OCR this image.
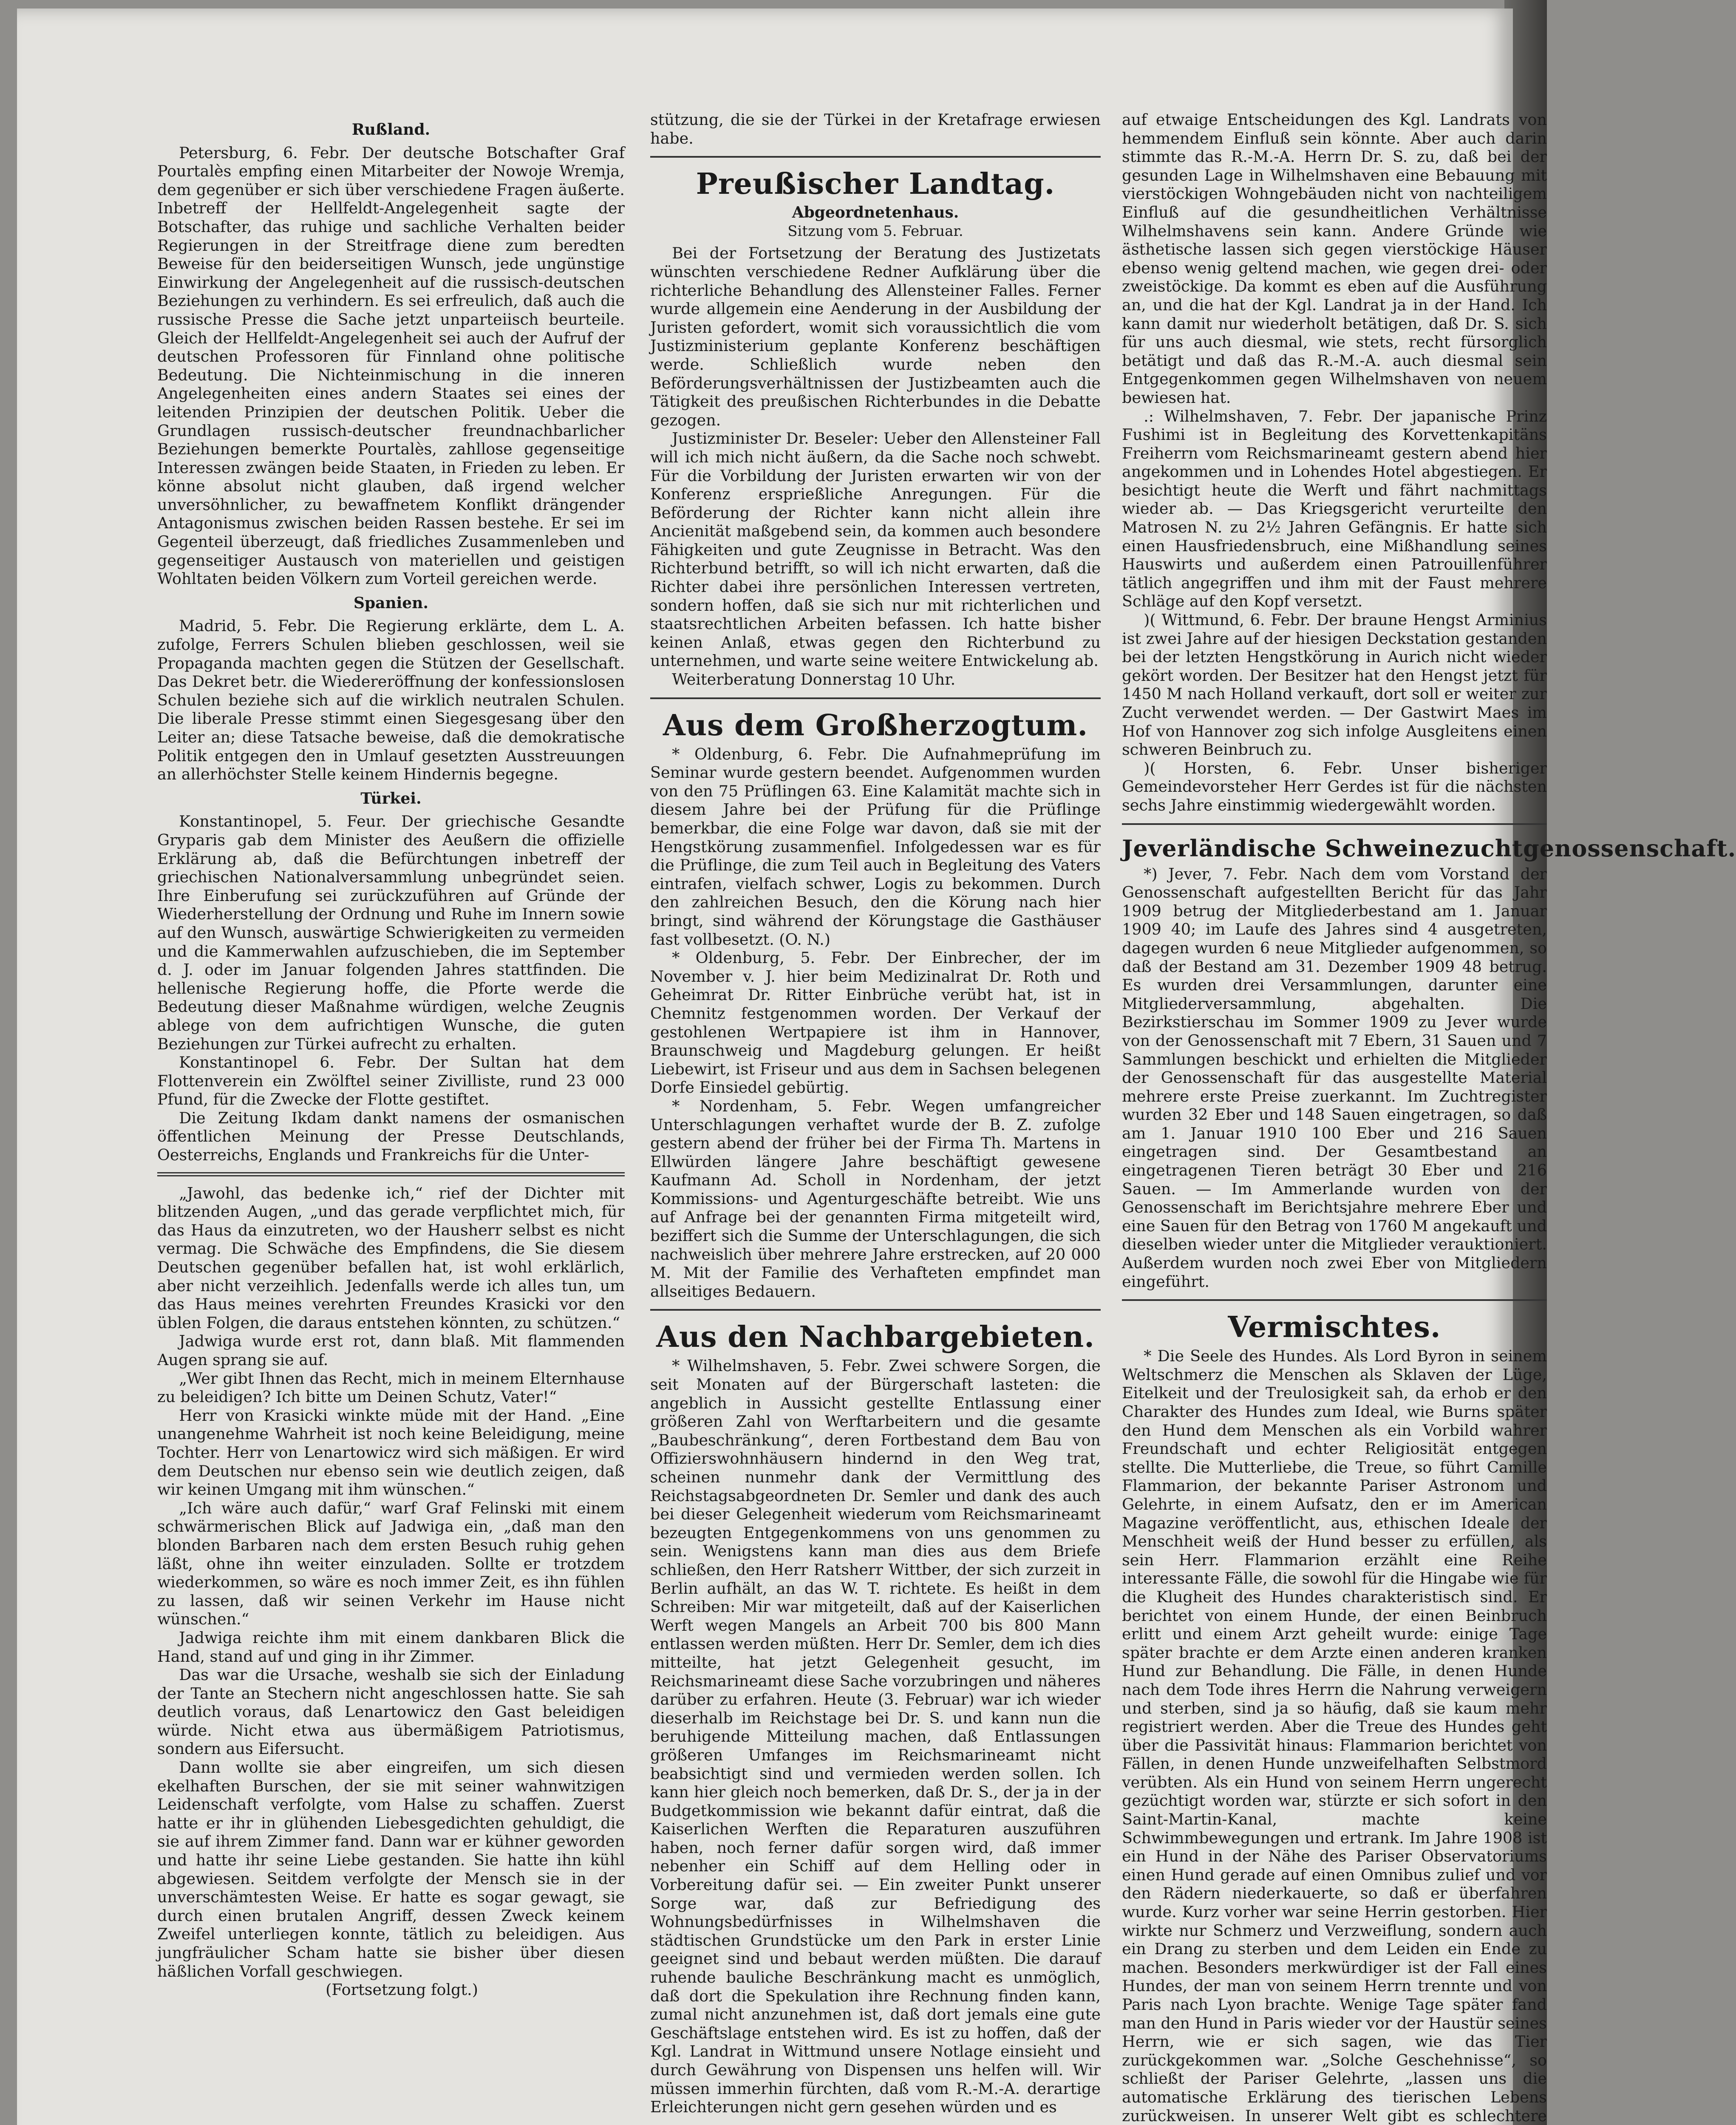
Rußland.

Petersburg, 6. Febr. Der deutsche Botschafter Graf Pourtalès empfing einen Mitarbeiter der Nowoje Wremja, dem gegenüber er sich über verschiedene Fragen äußerte. Inbetreff der Hellfeldt-Angelegenheit sagte der Botschafter, das ruhige und sachliche Verhalten beider Regierungen in der Streitfrage diene zum beredten Beweise für den beiderseitigen Wunsch, jede ungünstige Einwirkung der Angelegenheit auf die russisch-deutschen Beziehungen zu verhindern. Es sei erfreulich, daß auch die russische Presse die Sache jetzt unparteiisch beurteile. Gleich der Hellfeldt-Angelegenheit sei auch der Aufruf der deutschen Professoren für Finnland ohne politische Bedeutung. Die Nichteinmischung in die inneren Angelegenheiten eines andern Staates sei eines der leitenden Prinzipien der deutschen Politik. Ueber die Grundlagen russisch-deutscher freundnachbarlicher Beziehungen bemerkte Pourtalès, zahllose gegenseitige Interessen zwängen beide Staaten, in Frieden zu leben. Er könne absolut nicht glauben, daß irgend welcher unversöhnlicher, zu bewaffnetem Konflikt drängender Antagonismus zwischen beiden Rassen bestehe. Er sei im Gegenteil überzeugt, daß friedliches Zusammenleben und gegenseitiger Austausch von materiellen und geistigen Wohltaten beiden Völkern zum Vorteil gereichen werde.

Spanien.

Madrid, 5. Febr. Die Regierung erklärte, dem L. A. zufolge, Ferrers Schulen blieben geschlossen, weil sie Propaganda machten gegen die Stützen der Gesellschaft. Das Dekret betr. die Wiedereröffnung der konfessionslosen Schulen beziehe sich auf die wirklich neutralen Schulen. Die liberale Presse stimmt einen Siegesgesang über den Leiter an; diese Tatsache beweise, daß die demokratische Politik entgegen den in Umlauf gesetzten Ausstreuungen an allerhöchster Stelle keinem Hindernis begegne.

Türkei.

Konstantinopel, 5. Feur. Der griechische Gesandte Gryparis gab dem Minister des Aeußern die offizielle Erklärung ab, daß die Befürchtungen inbetreff der griechischen Nationalversammlung unbegründet seien. Ihre Einberufung sei zurückzuführen auf Gründe der Wiederherstellung der Ordnung und Ruhe im Innern sowie auf den Wunsch, auswärtige Schwierigkeiten zu vermeiden und die Kammerwahlen aufzuschieben, die im September d. J. oder im Januar folgenden Jahres stattfinden. Die hellenische Regierung hoffe, die Pforte werde die Bedeutung dieser Maßnahme würdigen, welche Zeugnis ablege von dem aufrichtigen Wunsche, die guten Beziehungen zur Türkei aufrecht zu erhalten.

Konstantinopel 6. Febr. Der Sultan hat dem Flottenverein ein Zwölftel seiner Zivilliste, rund 23 000 Pfund, für die Zwecke der Flotte gestiftet.

Die Zeitung Ikdam dankt namens der osmanischen öffentlichen Meinung der Presse Deutschlands, Oesterreichs, Englands und Frankreichs für die Unter-

„Jawohl, das bedenke ich,“ rief der Dichter mit blitzenden Augen, „und das gerade verpflichtet mich, für das Haus da einzutreten, wo der Hausherr selbst es nicht vermag. Die Schwäche des Empfindens, die Sie diesem Deutschen gegenüber befallen hat, ist wohl erklärlich, aber nicht verzeihlich. Jedenfalls werde ich alles tun, um das Haus meines verehrten Freundes Krasicki vor den üblen Folgen, die daraus entstehen könnten, zu schützen.“

Jadwiga wurde erst rot, dann blaß. Mit flammenden Augen sprang sie auf.

„Wer gibt Ihnen das Recht, mich in meinem Elternhause zu beleidigen? Ich bitte um Deinen Schutz, Vater!“

Herr von Krasicki winkte müde mit der Hand. „Eine unangenehme Wahrheit ist noch keine Beleidigung, meine Tochter. Herr von Lenartowicz wird sich mäßigen. Er wird dem Deutschen nur ebenso sein wie deutlich zeigen, daß wir keinen Umgang mit ihm wünschen.“

„Ich wäre auch dafür,“ warf Graf Felinski mit einem schwärmerischen Blick auf Jadwiga ein, „daß man den blonden Barbaren nach dem ersten Besuch ruhig gehen läßt, ohne ihn weiter einzuladen. Sollte er trotzdem wiederkommen, so wäre es noch immer Zeit, es ihn fühlen zu lassen, daß wir seinen Verkehr im Hause nicht wünschen.“

Jadwiga reichte ihm mit einem dankbaren Blick die Hand, stand auf und ging in ihr Zimmer.

Das war die Ursache, weshalb sie sich der Einladung der Tante an Stechern nicht angeschlossen hatte. Sie sah deutlich voraus, daß Lenartowicz den Gast beleidigen würde. Nicht etwa aus übermäßigem Patriotismus, sondern aus Eifersucht.

Dann wollte sie aber eingreifen, um sich diesen ekelhaften Burschen, der sie mit seiner wahnwitzigen Leidenschaft verfolgte, vom Halse zu schaffen. Zuerst hatte er ihr in glühenden Liebesgedichten gehuldigt, die sie auf ihrem Zimmer fand. Dann war er kühner geworden und hatte ihr seine Liebe gestanden. Sie hatte ihn kühl abgewiesen. Seitdem verfolgte der Mensch sie in der unverschämtesten Weise. Er hatte es sogar gewagt, sie durch einen brutalen Angriff, dessen Zweck keinem Zweifel unterliegen konnte, tätlich zu beleidigen. Aus jungfräulicher Scham hatte sie bisher über diesen häßlichen Vorfall geschwiegen.

(Fortsetzung folgt.)

stützung, die sie der Türkei in der Kretafrage erwiesen habe.

Preußischer Landtag.
Abgeordnetenhaus.
Sitzung vom 5. Februar.

Bei der Fortsetzung der Beratung des Justizetats wünschten verschiedene Redner Aufklärung über die richterliche Behandlung des Allensteiner Falles. Ferner wurde allgemein eine Aenderung in der Ausbildung der Juristen gefordert, womit sich voraussichtlich die vom Justizministerium geplante Konferenz beschäftigen werde. Schließlich wurde neben den Beförderungsverhältnissen der Justizbeamten auch die Tätigkeit des preußischen Richterbundes in die Debatte gezogen.

Justizminister Dr. Beseler: Ueber den Allensteiner Fall will ich mich nicht äußern, da die Sache noch schwebt. Für die Vorbildung der Juristen erwarten wir von der Konferenz ersprießliche Anregungen. Für die Beförderung der Richter kann nicht allein ihre Ancienität maßgebend sein, da kommen auch besondere Fähigkeiten und gute Zeugnisse in Betracht. Was den Richterbund betrifft, so will ich nicht erwarten, daß die Richter dabei ihre persönlichen Interessen vertreten, sondern hoffen, daß sie sich nur mit richterlichen und staatsrechtlichen Arbeiten befassen. Ich hatte bisher keinen Anlaß, etwas gegen den Richterbund zu unternehmen, und warte seine weitere Entwickelung ab.

Weiterberatung Donnerstag 10 Uhr.

Aus dem Großherzogtum.

* Oldenburg, 6. Febr. Die Aufnahmeprüfung im Seminar wurde gestern beendet. Aufgenommen wurden von den 75 Prüflingen 63. Eine Kalamität machte sich in diesem Jahre bei der Prüfung für die Prüflinge bemerkbar, die eine Folge war davon, daß sie mit der Hengstkörung zusammenfiel. Infolgedessen war es für die Prüflinge, die zum Teil auch in Begleitung des Vaters eintrafen, vielfach schwer, Logis zu bekommen. Durch den zahlreichen Besuch, den die Körung nach hier bringt, sind während der Körungstage die Gasthäuser fast vollbesetzt. (O. N.)

* Oldenburg, 5. Febr. Der Einbrecher, der im November v. J. hier beim Medizinalrat Dr. Roth und Geheimrat Dr. Ritter Einbrüche verübt hat, ist in Chemnitz festgenommen worden. Der Verkauf der gestohlenen Wertpapiere ist ihm in Hannover, Braunschweig und Magdeburg gelungen. Er heißt Liebewirt, ist Friseur und aus dem in Sachsen belegenen Dorfe Einsiedel gebürtig.

* Nordenham, 5. Febr. Wegen umfangreicher Unterschlagungen verhaftet wurde der B. Z. zufolge gestern abend der früher bei der Firma Th. Martens in Ellwürden längere Jahre beschäftigt gewesene Kaufmann Ad. Scholl in Nordenham, der jetzt Kommissions- und Agenturgeschäfte betreibt. Wie uns auf Anfrage bei der genannten Firma mitgeteilt wird, beziffert sich die Summe der Unterschlagungen, die sich nachweislich über mehrere Jahre erstrecken, auf 20 000 M. Mit der Familie des Verhafteten empfindet man allseitiges Bedauern.

Aus den Nachbargebieten.

* Wilhelmshaven, 5. Febr. Zwei schwere Sorgen, die seit Monaten auf der Bürgerschaft lasteten: die angeblich in Aussicht gestellte Entlassung einer größeren Zahl von Werftarbeitern und die gesamte „Baubeschränkung“, deren Fortbestand dem Bau von Offizierswohnhäusern hindernd in den Weg trat, scheinen nunmehr dank der Vermittlung des Reichstagsabgeordneten Dr. Semler und dank des auch bei dieser Gelegenheit wiederum vom Reichsmarineamt bezeugten Entgegenkommens von uns genommen zu sein. Wenigstens kann man dies aus dem Briefe schließen, den Herr Ratsherr Wittber, der sich zurzeit in Berlin aufhält, an das W. T. richtete. Es heißt in dem Schreiben: Mir war mitgeteilt, daß auf der Kaiserlichen Werft wegen Mangels an Arbeit 700 bis 800 Mann entlassen werden müßten. Herr Dr. Semler, dem ich dies mitteilte, hat jetzt Gelegenheit gesucht, im Reichsmarineamt diese Sache vorzubringen und näheres darüber zu erfahren. Heute (3. Februar) war ich wieder dieserhalb im Reichstage bei Dr. S. und kann nun die beruhigende Mitteilung machen, daß Entlassungen größeren Umfanges im Reichsmarineamt nicht beabsichtigt sind und vermieden werden sollen. Ich kann hier gleich noch bemerken, daß Dr. S., der ja in der Budgetkommission wie bekannt dafür eintrat, daß die Kaiserlichen Werften die Reparaturen auszuführen haben, noch ferner dafür sorgen wird, daß immer nebenher ein Schiff auf dem Helling oder in Vorbereitung dafür sei. — Ein zweiter Punkt unserer Sorge war, daß zur Befriedigung des Wohnungsbedürfnisses in Wilhelmshaven die städtischen Grundstücke um den Park in erster Linie geeignet sind und bebaut werden müßten. Die darauf ruhende bauliche Beschränkung macht es unmöglich, daß dort die Spekulation ihre Rechnung finden kann, zumal nicht anzunehmen ist, daß dort jemals eine gute Geschäftslage entstehen wird. Es ist zu hoffen, daß der Kgl. Landrat in Wittmund unsere Notlage einsieht und durch Gewährung von Dispensen uns helfen will. Wir müssen immerhin fürchten, daß vom R.-M.-A. derartige Erleichterungen nicht gern gesehen würden und es

auf etwaige Entscheidungen des Kgl. Landrats von hemmendem Einfluß sein könnte. Aber auch darin stimmte das R.-M.-A. Herrn Dr. S. zu, daß bei der gesunden Lage in Wilhelmshaven eine Bebauung mit vierstöckigen Wohngebäuden nicht von nachteiligem Einfluß auf die gesundheitlichen Verhältnisse Wilhelmshavens sein kann. Andere Gründe wie ästhetische lassen sich gegen vierstöckige Häuser ebenso wenig geltend machen, wie gegen drei- oder zweistöckige. Da kommt es eben auf die Ausführung an, und die hat der Kgl. Landrat ja in der Hand. Ich kann damit nur wiederholt betätigen, daß Dr. S. sich für uns auch diesmal, wie stets, recht fürsorglich betätigt und daß das R.-M.-A. auch diesmal sein Entgegenkommen gegen Wilhelmshaven von neuem bewiesen hat.

.: Wilhelmshaven, 7. Febr. Der japanische Prinz Fushimi ist in Begleitung des Korvettenkapitäns Freiherrn vom Reichsmarineamt gestern abend hier angekommen und in Lohendes Hotel abgestiegen. Er besichtigt heute die Werft und fährt nachmittags wieder ab. — Das Kriegsgericht verurteilte den Matrosen N. zu 2½ Jahren Gefängnis. Er hatte sich einen Hausfriedensbruch, eine Mißhandlung seines Hauswirts und außerdem einen Patrouillenführer tätlich angegriffen und ihm mit der Faust mehrere Schläge auf den Kopf versetzt.

)( Wittmund, 6. Febr. Der braune Hengst Arminius ist zwei Jahre auf der hiesigen Deckstation gestanden bei der letzten Hengstkörung in Aurich nicht wieder gekört worden. Der Besitzer hat den Hengst jetzt für 1450 M nach Holland verkauft, dort soll er weiter zur Zucht verwendet werden. — Der Gastwirt Maes im Hof von Hannover zog sich infolge Ausgleitens einen schweren Beinbruch zu.

)( Horsten, 6. Febr. Unser bisheriger Gemeindevorsteher Herr Gerdes ist für die nächsten sechs Jahre einstimmig wiedergewählt worden.

Jeverländische Schweinezuchtgenossenschaft.

*) Jever, 7. Febr. Nach dem vom Vorstand der Genossenschaft aufgestellten Bericht für das Jahr 1909 betrug der Mitgliederbestand am 1. Januar 1909 40; im Laufe des Jahres sind 4 ausgetreten, dagegen wurden 6 neue Mitglieder aufgenommen, so daß der Bestand am 31. Dezember 1909 48 betrug. Es wurden drei Versammlungen, darunter eine Mitgliederversammlung, abgehalten. Die Bezirkstierschau im Sommer 1909 zu Jever wurde von der Genossenschaft mit 7 Ebern, 31 Sauen und 7 Sammlungen beschickt und erhielten die Mitglieder der Genossenschaft für das ausgestellte Material mehrere erste Preise zuerkannt. Im Zuchtregister wurden 32 Eber und 148 Sauen eingetragen, so daß am 1. Januar 1910 100 Eber und 216 Sauen eingetragen sind. Der Gesamtbestand an eingetragenen Tieren beträgt 30 Eber und 216 Sauen. — Im Ammerlande wurden von der Genossenschaft im Berichtsjahre mehrere Eber und eine Sauen für den Betrag von 1760 M angekauft und dieselben wieder unter die Mitglieder verauktioniert. Außerdem wurden noch zwei Eber von Mitgliedern eingeführt.

Vermischtes.

* Die Seele des Hundes. Als Lord Byron in seinem Weltschmerz die Menschen als Sklaven der Lüge, Eitelkeit und der Treulosigkeit sah, da erhob er den Charakter des Hundes zum Ideal, wie Burns später den Hund dem Menschen als ein Vorbild wahrer Freundschaft und echter Religiosität entgegen stellte. Die Mutterliebe, die Treue, so führt Camille Flammarion, der bekannte Pariser Astronom und Gelehrte, in einem Aufsatz, den er im American Magazine veröffentlicht, aus, ethischen Ideale der Menschheit weiß der Hund besser zu erfüllen, als sein Herr. Flammarion erzählt eine Reihe interessante Fälle, die sowohl für die Hingabe wie für die Klugheit des Hundes charakteristisch sind. Er berichtet von einem Hunde, der einen Beinbruch erlitt und einem Arzt geheilt wurde: einige Tage später brachte er dem Arzte einen anderen kranken Hund zur Behandlung. Die Fälle, in denen Hunde nach dem Tode ihres Herrn die Nahrung verweigern und sterben, sind ja so häufig, daß sie kaum mehr registriert werden. Aber die Treue des Hundes geht über die Passivität hinaus: Flammarion berichtet von Fällen, in denen Hunde unzweifelhaften Selbstmord verübten. Als ein Hund von seinem Herrn ungerecht gezüchtigt worden war, stürzte er sich sofort in den Saint-Martin-Kanal, machte keine Schwimmbewegungen und ertrank. Im Jahre 1908 ist ein Hund in der Nähe des Pariser Observatoriums einen Hund gerade auf einen Omnibus zulief und vor den Rädern niederkauerte, so daß er überfahren wurde. Kurz vorher war seine Herrin gestorben. Hier wirkte nur Schmerz und Verzweiflung, sondern auch ein Drang zu sterben und dem Leiden ein Ende zu machen. Besonders merkwürdiger ist der Fall eines Hundes, der man von seinem Herrn trennte und von Paris nach Lyon brachte. Wenige Tage später fand man den Hund in Paris wieder vor der Haustür seines Herrn, wie er sich sagen, wie das Tier zurückgekommen war. „Solche Geschehnisse“, so schließt der Pariser Gelehrte, „lassen uns die automatische Erklärung des tierischen Lebens zurückweisen. In unserer Welt gibt es schlechtere
